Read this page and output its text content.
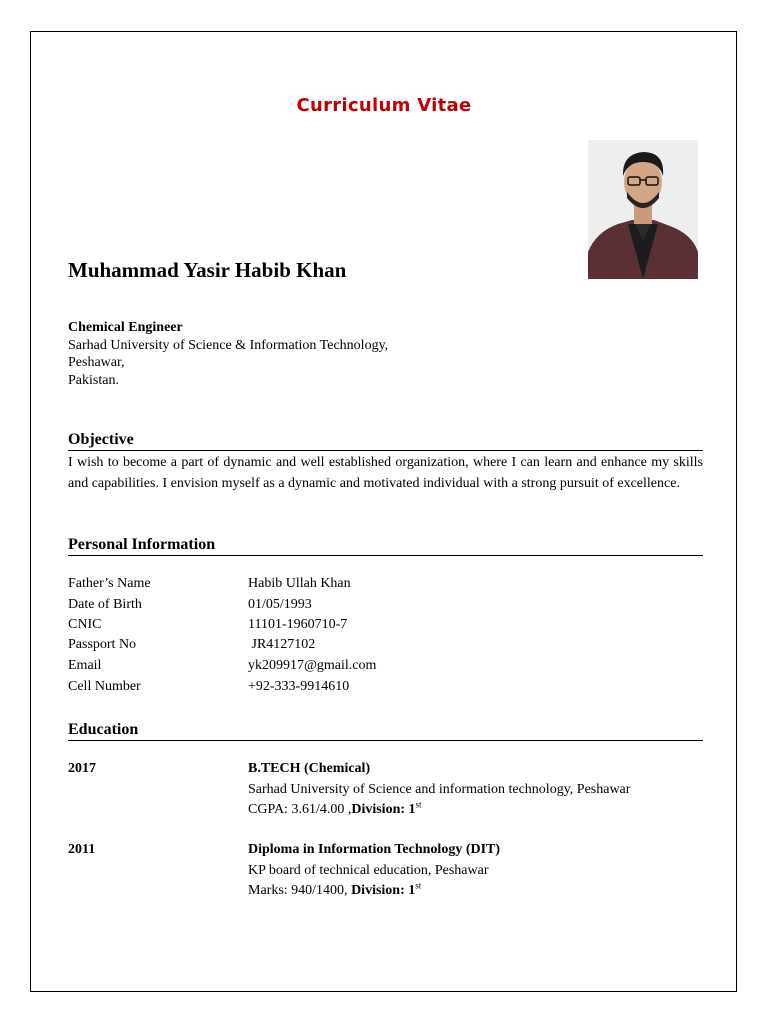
Curriculum Vitae
Muhammad Yasir Habib Khan
Chemical Engineer
Sarhad University of Science & Information Technology,
Peshawar,
Pakistan.
Objective
I wish to become a part of dynamic and well established organization, where I can learn and enhance my skills and capabilities. I envision myself as a dynamic and motivated individual with a strong pursuit of excellence.
Personal Information
Father’s Name	Habib Ullah Khan
Date of Birth	01/05/1993
CNIC	11101-1960710-7
Passport No	JR4127102
Email	yk209917@gmail.com
Cell Number	+92-333-9914610
Education
2017	B.TECH (Chemical)
Sarhad University of Science and information technology, Peshawar
CGPA: 3.61/4.00 ,Division: 1st
2011	Diploma in Information Technology (DIT)
KP board of technical education, Peshawar
Marks: 940/1400, Division: 1st
